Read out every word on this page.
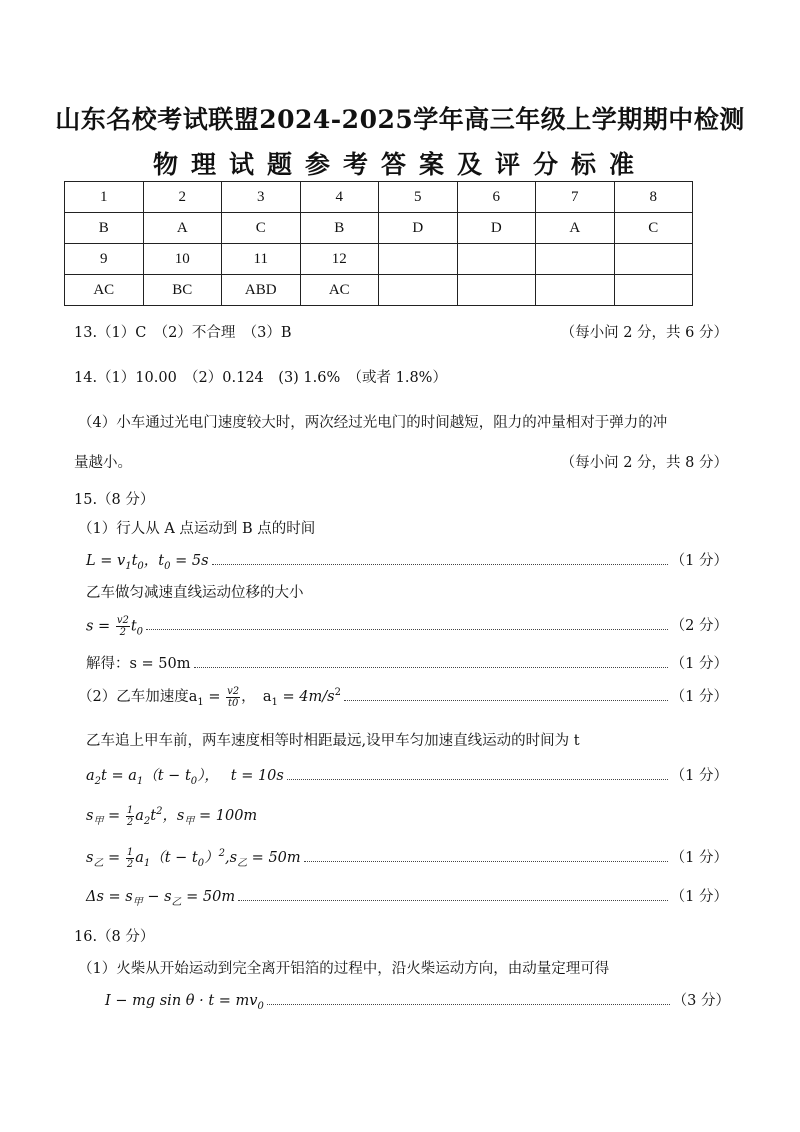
山东名校考试联盟2024-2025学年高三年级上学期期中检测
物理试题参考答案及评分标准
1	2	3	4	5	6	7	8
B	A	C	B	D	D	A	C
9	10	11	12				
AC	BC	ABD	AC				
13.（1）C　（2）不合理　（3）B	（每小问 2 分，共 6 分）
14.（1）10.00　（2）0.124　(3) 1.6%　（或者 1.8%）
（4）小车通过光电门速度较大时，两次经过光电门的时间越短，阻力的冲量相对于弹力的冲
量越小。	（每小问 2 分，共 8 分）
15.（8 分）
（1）行人从 A 点运动到 B 点的时间
$L = v_1t_0$，$t_0 = 5s$	（1 分）
乙车做匀减速直线运动位移的大小
$s = \frac{v2}{2} t_0$	（2 分）
解得：s = 50m	（1 分）
（2）乙车加速度$a_1 = \frac{v2}{t0}$ ，　$a_1 = 4m/s^2$	（1 分）
乙车追上甲车前，两车速度相等时相距最远,设甲车匀加速直线运动的时间为 t
$a_2t = a_1(t - t_0)$，　 t = 10s	（1 分）
$s_甲 = \frac{1}{2} a_2t^2$，$s_甲 = 100m$
$s_乙 = \frac{1}{2} a_1(t - t_0)^2,s_乙 = 50m$	（1 分）
$\Delta s = s_甲 - s_乙 = 50m$	（1 分）
16.（8 分）
（1）火柴从开始运动到完全离开铝箔的过程中，沿火柴运动方向，由动量定理可得
I − mg $\sin \theta \cdot t = mv_0$	（3 分）
